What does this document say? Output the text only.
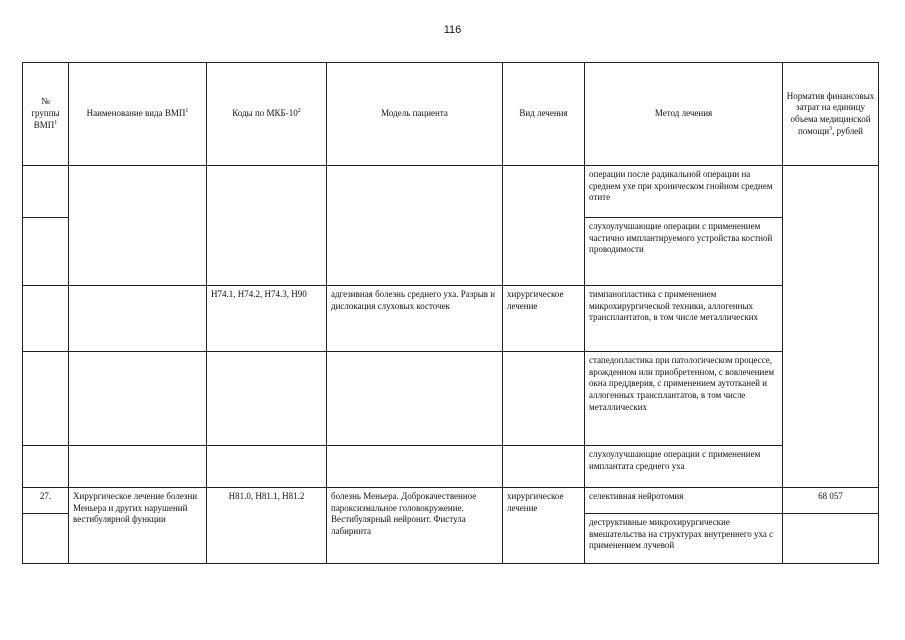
116
№ группы ВМП$^1$	Наименование вида ВМП$^1$	Коды по МКБ-$10^2$	Модель пациента	Вид лечения	Метод лечения	Норматив финансовых затрат на единицу объема медицинской помощи$^3$, рублей
					операции после радикальной операции на среднем ухе при хроническом гнойном среднем отите	
					слухоулучшающие операции с применением частично имплантируемого устройства костной проводимости	
		H74.1, H74.2, H74.3, H90	адгезивная болезнь среднего уха. Разрыв и дислокация слуховых косточек	хирургическое лечение	тимпанопластика с применением микрохирургической техники, аллогенных трансплантатов, в том числе металлических	
					стапедопластика при патологическом процессе, врожденном или приобретенном, с вовлечением окна преддверия, с применением аутотканей и аллогенных трансплантатов, в том числе металлических	
					слухоулучшающие операции с применением имплантата среднего уха	
27.	Хирургическое лечение болезни Меньера и других нарушений вестибулярной функции	H81.0, H81.1, H81.2	болезнь Меньера. Доброкачественное пароксизмальное головокружение. Вестибулярный нейронит. Фистула лабиринта	хирургическое лечение	селективная нейротомия	68 057
					деструктивные микрохирургические вмешательства на структурах внутреннего уха с применением лучевой	
